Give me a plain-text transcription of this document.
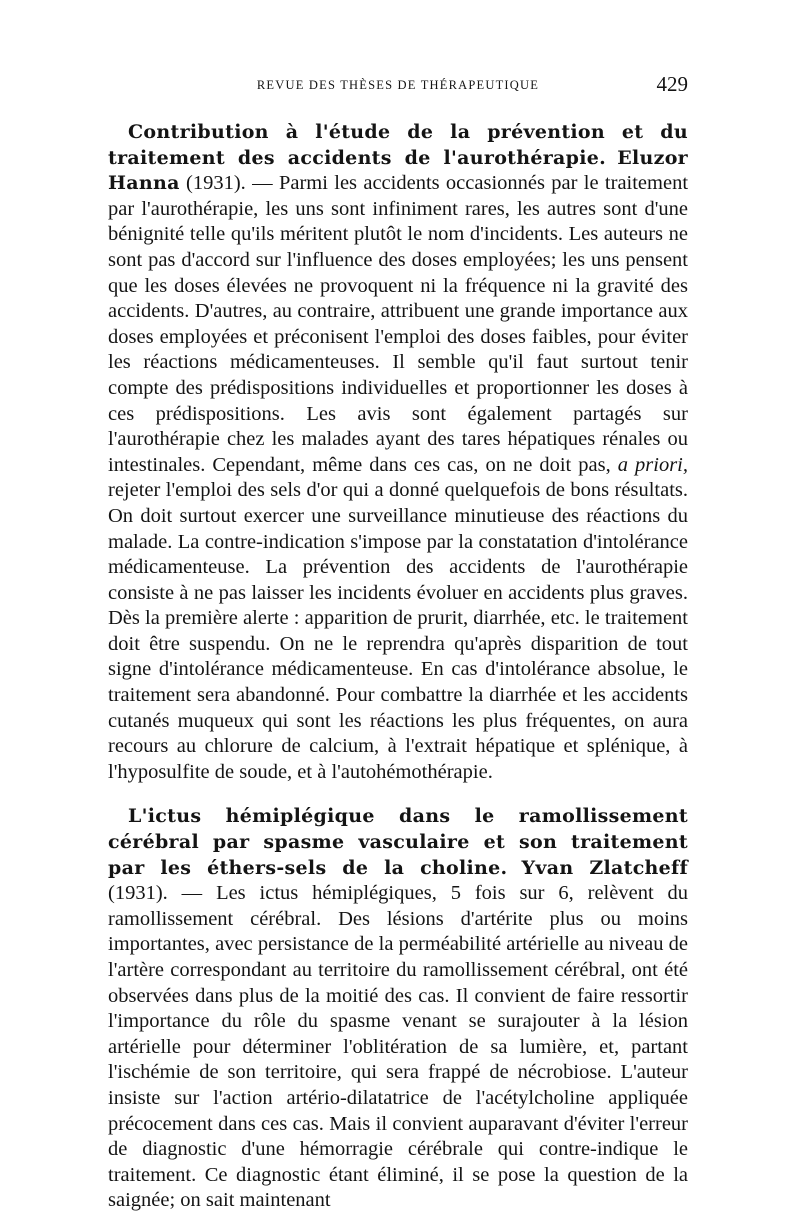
REVUE DES THÈSES DE THÉRAPEUTIQUE	429

Contribution à l'étude de la prévention et du traitement des accidents de l'aurothérapie. Eluzor Hanna (1931). — Parmi les accidents occasionnés par le traitement par l'aurothérapie, les uns sont infiniment rares, les autres sont d'une bénignité telle qu'ils méritent plutôt le nom d'incidents. Les auteurs ne sont pas d'accord sur l'influence des doses employées; les uns pensent que les doses élevées ne provoquent ni la fréquence ni la gravité des accidents. D'autres, au contraire, attribuent une grande importance aux doses employées et préconisent l'emploi des doses faibles, pour éviter les réactions médicamenteuses. Il semble qu'il faut surtout tenir compte des prédispositions individuelles et proportionner les doses à ces prédispositions. Les avis sont également partagés sur l'aurothérapie chez les malades ayant des tares hépatiques rénales ou intestinales. Cependant, même dans ces cas, on ne doit pas, a priori, rejeter l'emploi des sels d'or qui a donné quelquefois de bons résultats. On doit surtout exercer une surveillance minutieuse des réactions du malade. La contre-indication s'impose par la constatation d'intolérance médicamenteuse. La prévention des accidents de l'aurothérapie consiste à ne pas laisser les incidents évoluer en accidents plus graves. Dès la première alerte : apparition de prurit, diarrhée, etc. le traitement doit être suspendu. On ne le reprendra qu'après disparition de tout signe d'intolérance médicamenteuse. En cas d'intolérance absolue, le traitement sera abandonné. Pour combattre la diarrhée et les accidents cutanés muqueux qui sont les réactions les plus fréquentes, on aura recours au chlorure de calcium, à l'extrait hépatique et splénique, à l'hyposulfite de soude, et à l'autohémothérapie.

L'ictus hémiplégique dans le ramollissement cérébral par spasme vasculaire et son traitement par les éthers-sels de la choline. Yvan Zlatcheff (1931). — Les ictus hémiplégiques, 5 fois sur 6, relèvent du ramollissement cérébral. Des lésions d'artérite plus ou moins importantes, avec persistance de la perméabilité artérielle au niveau de l'artère correspondant au territoire du ramollissement cérébral, ont été observées dans plus de la moitié des cas. Il convient de faire ressortir l'importance du rôle du spasme venant se surajouter à la lésion artérielle pour déterminer l'oblitération de sa lumière, et, partant l'ischémie de son territoire, qui sera frappé de nécrobiose. L'auteur insiste sur l'action artério-dilatatrice de l'acétylcholine appliquée précocement dans ces cas. Mais il convient auparavant d'éviter l'erreur de diagnostic d'une hémorragie cérébrale qui contre-indique le traitement. Ce diagnostic étant éliminé, il se pose la question de la saignée; on sait maintenant
